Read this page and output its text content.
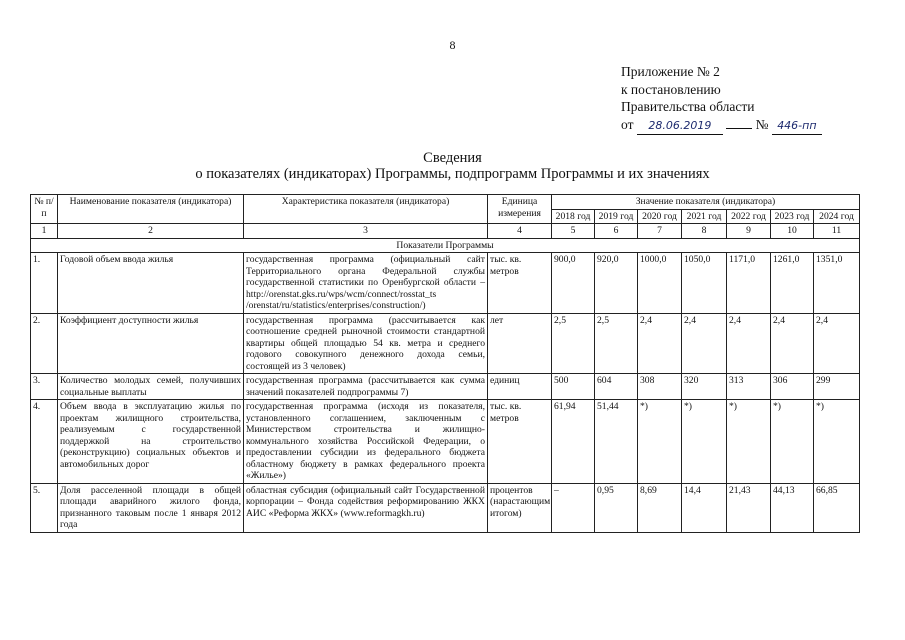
8
Приложение № 2
к постановлению
Правительства области
от 28.06.2019	№ 446-пп
Сведения
о показателях (индикаторах) Программы, подпрограмм Программы и их значениях
№ п/п	Наименование показателя (индикатора)	Характеристика показателя (индикатора)	Единица измерения	Значение показателя (индикатора)						
				2018 год	2019 год	2020 год	2021 год	2022 год	2023 год	2024 год
1	2	3	4	5	6	7	8	9	10	11
Показатели Программы										
1.	Годовой объем ввода жилья	государственная программа (официальный сайт Территориального органа Федеральной службы государственной статистики по Оренбургской области – http://orenstat.gks.ru/wps/wcm/connect/rosstat_ts /orenstat/ru/statistics/enterprises/construction/)	тыс. кв. метров	900,0	920,0	1000,0	1050,0	1171,0	1261,0	1351,0
2.	Коэффициент доступности жилья	государственная программа (рассчитывается как соотношение средней рыночной стоимости стандартной квартиры общей площадью 54 кв. метра и среднего годового совокупного денежного дохода семьи, состоящей из 3 человек)	лет	2,5	2,5	2,4	2,4	2,4	2,4	2,4
3.	Количество молодых семей, получивших социальные выплаты	государственная программа (рассчитывается как сумма значений показателей подпрограммы 7)	единиц	500	604	308	320	313	306	299
4.	Объем ввода в эксплуатацию жилья по проектам жилищного строительства, реализуемым с государственной поддержкой на строительство (реконструкцию) социальных объектов и автомобильных дорог	государственная программа (исходя из показателя, установленного соглашением, заключенным с Министерством строительства и жилищно-коммунального хозяйства Российской Федерации, о предоставлении субсидии из федерального бюджета областному бюджету в рамках федерального проекта «Жилье»)	тыс. кв. метров	61,94	51,44	*)	*)	*)	*)	*)
5.	Доля расселенной площади в общей площади аварийного жилого фонда, признанного таковым после 1 января 2012 года	областная субсидия (официальный сайт Государственной корпорации – Фонда содействия реформированию ЖКХ АИС «Реформа ЖКХ» (www.reformagkh.ru)	процентов (нарастающим итогом)	–	0,95	8,69	14,4	21,43	44,13	66,85
